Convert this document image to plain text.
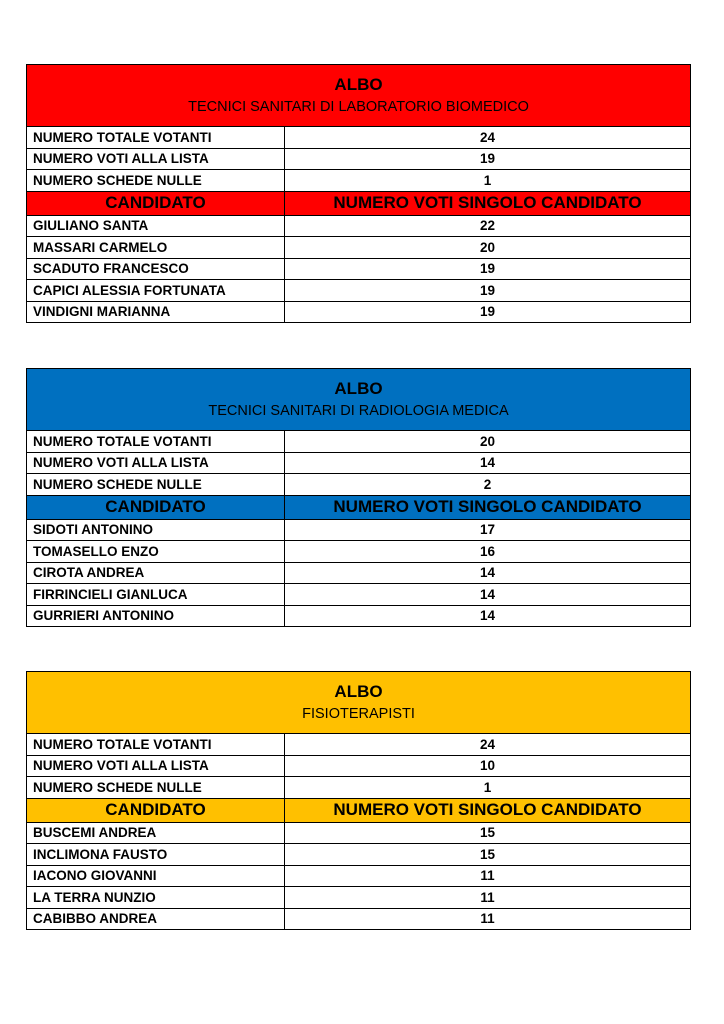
ALBO
TECNICI SANITARI DI LABORATORIO BIOMEDICO	

NUMERO TOTALE VOTANTI	24
NUMERO VOTI ALLA LISTA	19
NUMERO SCHEDE NULLE	1
CANDIDATO	NUMERO VOTI SINGOLO CANDIDATO
GIULIANO SANTA	22
MASSARI CARMELO	20
SCADUTO FRANCESCO	19
CAPICI ALESSIA FORTUNATA	19
VINDIGNI MARIANNA	19
ALBO
TECNICI SANITARI DI RADIOLOGIA MEDICA	

NUMERO TOTALE VOTANTI	20
NUMERO VOTI ALLA LISTA	14
NUMERO SCHEDE NULLE	2
CANDIDATO	NUMERO VOTI SINGOLO CANDIDATO
SIDOTI ANTONINO	17
TOMASELLO ENZO	16
CIROTA ANDREA	14
FIRRINCIELI GIANLUCA	14
GURRIERI ANTONINO	14
ALBO
FISIOTERAPISTI	

NUMERO TOTALE VOTANTI	24
NUMERO VOTI ALLA LISTA	10
NUMERO SCHEDE NULLE	1
CANDIDATO	NUMERO VOTI SINGOLO CANDIDATO
BUSCEMI ANDREA	15
INCLIMONA FAUSTO	15
IACONO GIOVANNI	11
LA TERRA NUNZIO	11
CABIBBO ANDREA	11
